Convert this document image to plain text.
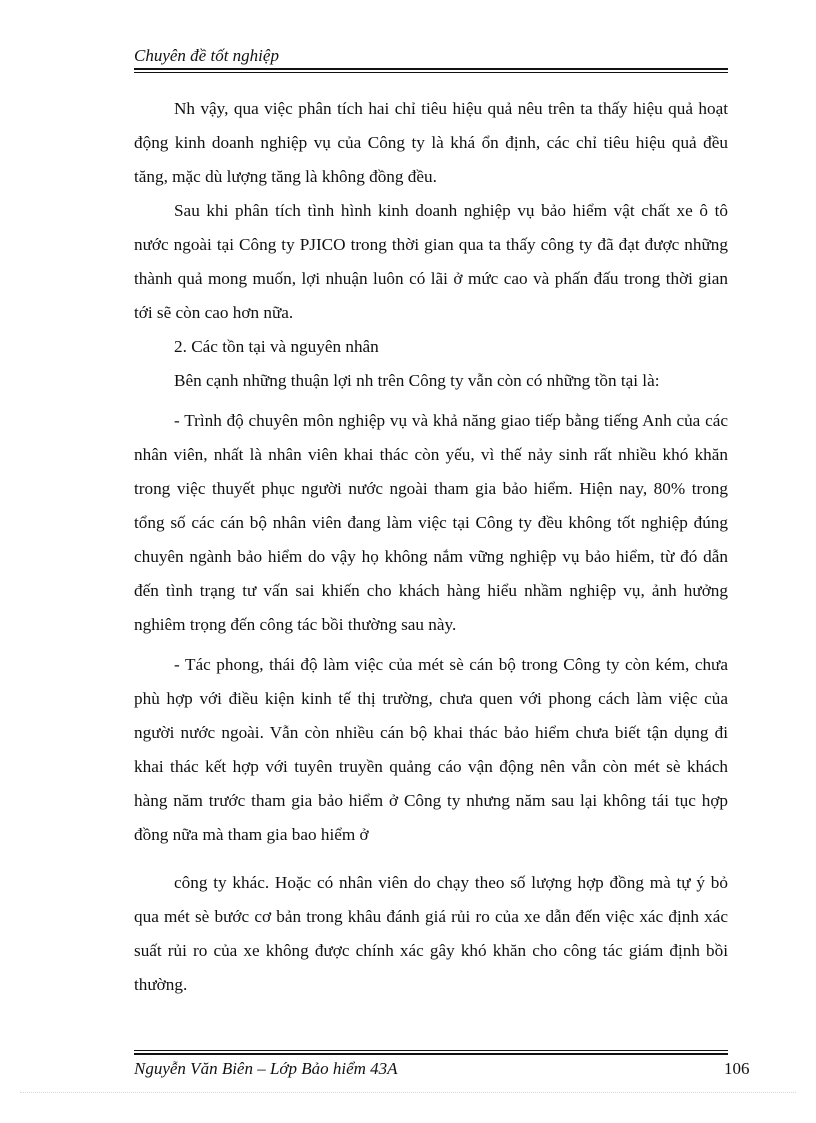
Chuyên đề tốt nghiệp

Nh vậy, qua việc phân tích hai chỉ tiêu hiệu quả nêu trên ta thấy hiệu quả hoạt động kinh doanh nghiệp vụ của Công ty là khá ổn định, các chỉ tiêu hiệu quả đều tăng, mặc dù lượng tăng là không đồng đều.

Sau khi phân tích tình hình kinh doanh nghiệp vụ bảo hiểm vật chất xe ô tô nước ngoài tại Công ty PJICO trong thời gian qua ta thấy công ty đã đạt được những thành quả mong muốn, lợi nhuận luôn có lãi ở mức cao và phấn đấu trong thời gian tới sẽ còn cao hơn nữa.

2. Các tồn tại và nguyên nhân

Bên cạnh những thuận lợi nh trên Công ty vẫn còn có những tồn tại là:

- Trình độ chuyên môn nghiệp vụ và khả năng giao tiếp bằng tiếng Anh của các nhân viên, nhất là nhân viên khai thác còn yếu, vì thế nảy sinh rất nhiều khó khăn trong việc thuyết phục người nước ngoài tham gia bảo hiểm. Hiện nay, 80% trong tổng số các cán bộ nhân viên đang làm việc tại Công ty đều không tốt nghiệp đúng chuyên ngành bảo hiểm do vậy họ không nắm vững nghiệp vụ bảo hiểm, từ đó dẫn đến tình trạng tư vấn sai khiến cho khách hàng hiểu nhầm nghiệp vụ, ảnh hưởng nghiêm trọng đến công tác bồi thường sau này.

- Tác phong, thái độ làm việc của mét sè cán bộ trong Công ty còn kém, chưa phù hợp với điều kiện kinh tế thị trường, chưa quen với phong cách làm việc của người nước ngoài. Vẫn còn nhiều cán bộ khai thác bảo hiểm chưa biết tận dụng đi khai thác kết hợp với tuyên truyền quảng cáo vận động nên vẫn còn mét sè khách hàng năm trước tham gia bảo hiểm ở Công ty nhưng năm sau lại không tái tục hợp đồng nữa mà tham gia bao hiểm ở

công ty khác. Hoặc có nhân viên do chạy theo số lượng hợp đồng mà tự ý bỏ qua mét sè bước cơ bản trong khâu đánh giá rủi ro của xe dẫn đến việc xác định xác suất rủi ro của xe không được chính xác gây khó khăn cho công tác giám định bồi thường.

Nguyễn Văn Biên – Lớp Bảo hiểm 43A	106
